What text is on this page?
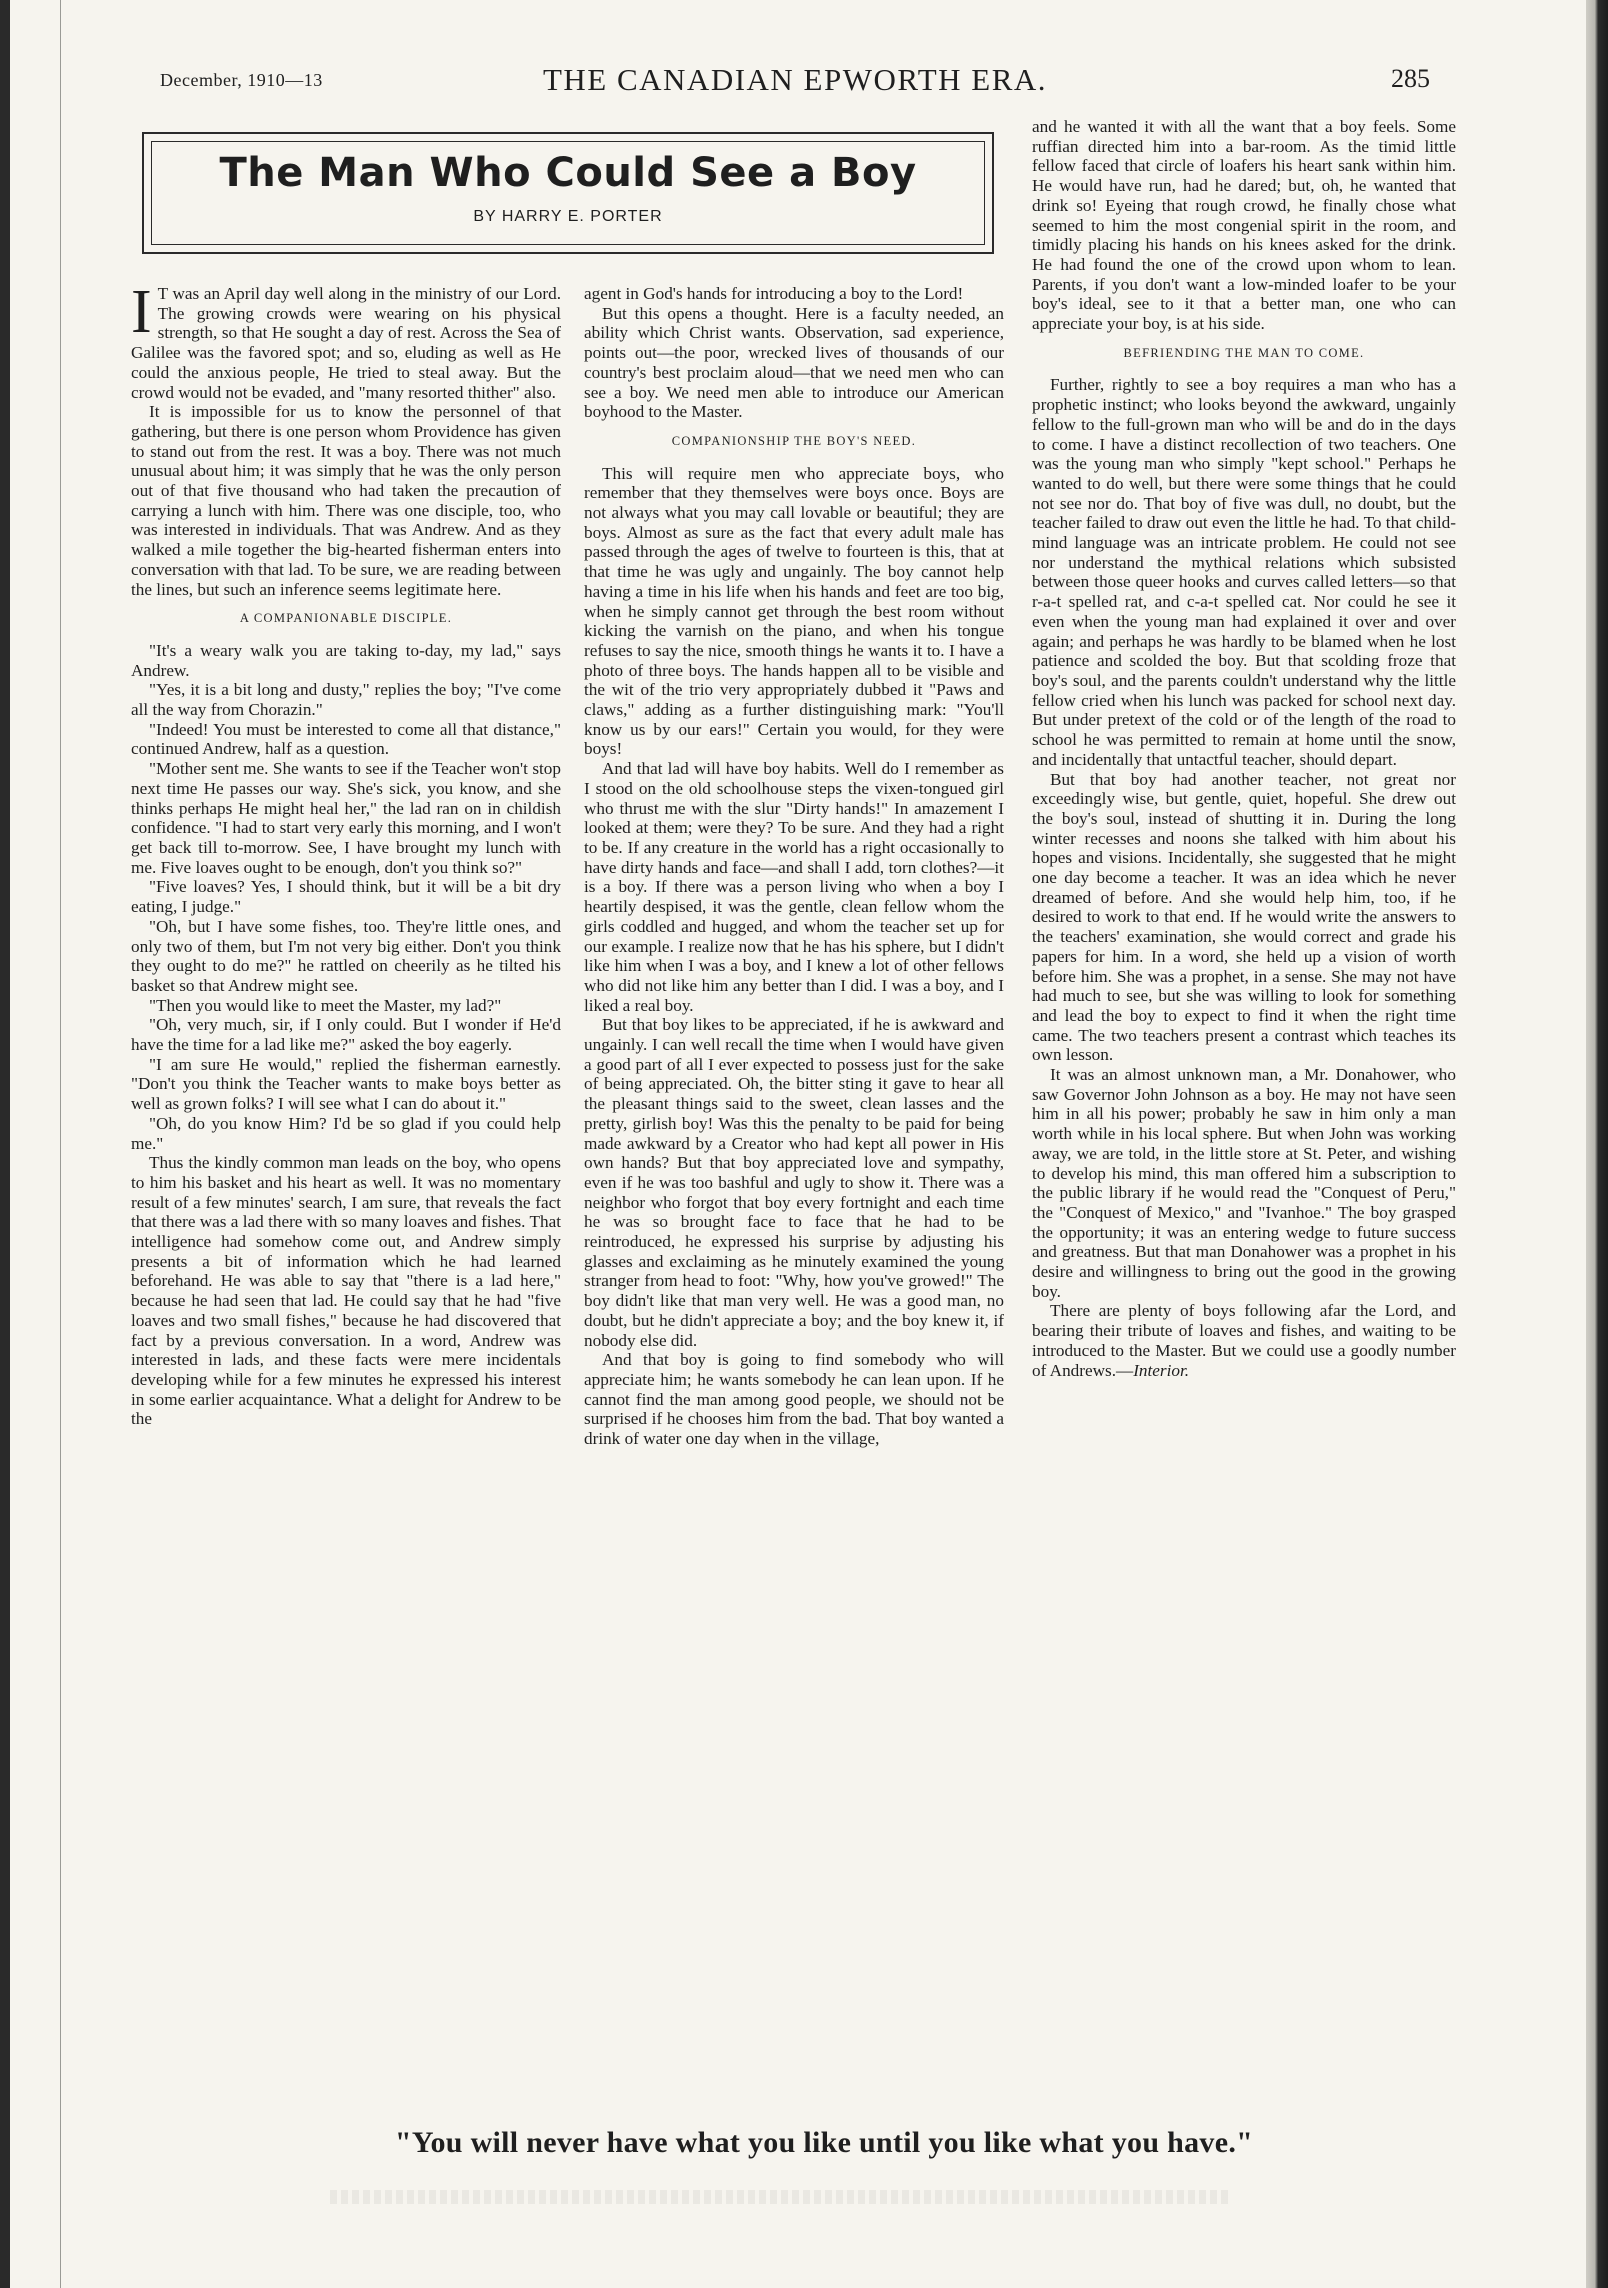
December, 1910—13	THE CANADIAN EPWORTH ERA.	285
The Man Who Could See a Boy
BY HARRY E. PORTER

I T was an April day well along in the ministry of our Lord. The growing crowds were wearing on his physical strength, so that He sought a day of rest. Across the Sea of Galilee was the favored spot; and so, eluding as well as He could the anxious people, He tried to steal away. But the crowd would not be evaded, and "many resorted thither" also.

It is impossible for us to know the personnel of that gathering, but there is one person whom Providence has given to stand out from the rest. It was a boy. There was not much unusual about him; it was simply that he was the only person out of that five thousand who had taken the precaution of carrying a lunch with him. There was one disciple, too, who was interested in individuals. That was Andrew. And as they walked a mile together the big-hearted fisherman enters into conversation with that lad. To be sure, we are reading between the lines, but such an inference seems legitimate here.

A COMPANIONABLE DISCIPLE.

"It's a weary walk you are taking to-day, my lad," says Andrew.

"Yes, it is a bit long and dusty," replies the boy; "I've come all the way from Chorazin."

"Indeed! You must be interested to come all that distance," continued Andrew, half as a question.

"Mother sent me. She wants to see if the Teacher won't stop next time He passes our way. She's sick, you know, and she thinks perhaps He might heal her," the lad ran on in childish confidence. "I had to start very early this morning, and I won't get back till to-morrow. See, I have brought my lunch with me. Five loaves ought to be enough, don't you think so?"

"Five loaves? Yes, I should think, but it will be a bit dry eating, I judge."

"Oh, but I have some fishes, too. They're little ones, and only two of them, but I'm not very big either. Don't you think they ought to do me?" he rattled on cheerily as he tilted his basket so that Andrew might see.

"Then you would like to meet the Master, my lad?"

"Oh, very much, sir, if I only could. But I wonder if He'd have the time for a lad like me?" asked the boy eagerly.

"I am sure He would," replied the fisherman earnestly. "Don't you think the Teacher wants to make boys better as well as grown folks? I will see what I can do about it."

"Oh, do you know Him? I'd be so glad if you could help me."

Thus the kindly common man leads on the boy, who opens to him his basket and his heart as well. It was no momentary result of a few minutes' search, I am sure, that reveals the fact that there was a lad there with so many loaves and fishes. That intelligence had somehow come out, and Andrew simply presents a bit of information which he had learned beforehand. He was able to say that "there is a lad here," because he had seen that lad. He could say that he had "five loaves and two small fishes," because he had discovered that fact by a previous conversation. In a word, Andrew was interested in lads, and these facts were mere incidentals developing while for a few minutes he expressed his interest in some earlier acquaintance. What a delight for Andrew to be the

agent in God's hands for introducing a boy to the Lord!

But this opens a thought. Here is a faculty needed, an ability which Christ wants. Observation, sad experience, points out—the poor, wrecked lives of thousands of our country's best proclaim aloud—that we need men who can see a boy. We need men able to introduce our American boyhood to the Master.

COMPANIONSHIP THE BOY'S NEED.

This will require men who appreciate boys, who remember that they themselves were boys once. Boys are not always what you may call lovable or beautiful; they are boys. Almost as sure as the fact that every adult male has passed through the ages of twelve to fourteen is this, that at that time he was ugly and ungainly. The boy cannot help having a time in his life when his hands and feet are too big, when he simply cannot get through the best room without kicking the varnish on the piano, and when his tongue refuses to say the nice, smooth things he wants it to. I have a photo of three boys. The hands happen all to be visible and the wit of the trio very appropriately dubbed it "Paws and claws," adding as a further distinguishing mark: "You'll know us by our ears!" Certain you would, for they were boys!

And that lad will have boy habits. Well do I remember as I stood on the old schoolhouse steps the vixen-tongued girl who thrust me with the slur "Dirty hands!" In amazement I looked at them; were they? To be sure. And they had a right to be. If any creature in the world has a right occasionally to have dirty hands and face—and shall I add, torn clothes?—it is a boy. If there was a person living who when a boy I heartily despised, it was the gentle, clean fellow whom the girls coddled and hugged, and whom the teacher set up for our example. I realize now that he has his sphere, but I didn't like him when I was a boy, and I knew a lot of other fellows who did not like him any better than I did. I was a boy, and I liked a real boy.

But that boy likes to be appreciated, if he is awkward and ungainly. I can well recall the time when I would have given a good part of all I ever expected to possess just for the sake of being appreciated. Oh, the bitter sting it gave to hear all the pleasant things said to the sweet, clean lasses and the pretty, girlish boy! Was this the penalty to be paid for being made awkward by a Creator who had kept all power in His own hands? But that boy appreciated love and sympathy, even if he was too bashful and ugly to show it. There was a neighbor who forgot that boy every fortnight and each time he was so brought face to face that he had to be reintroduced, he expressed his surprise by adjusting his glasses and exclaiming as he minutely examined the young stranger from head to foot: "Why, how you've growed!" The boy didn't like that man very well. He was a good man, no doubt, but he didn't appreciate a boy; and the boy knew it, if nobody else did.

And that boy is going to find somebody who will appreciate him; he wants somebody he can lean upon. If he cannot find the man among good people, we should not be surprised if he chooses him from the bad. That boy wanted a drink of water one day when in the village,

and he wanted it with all the want that a boy feels. Some ruffian directed him into a bar-room. As the timid little fellow faced that circle of loafers his heart sank within him. He would have run, had he dared; but, oh, he wanted that drink so! Eyeing that rough crowd, he finally chose what seemed to him the most congenial spirit in the room, and timidly placing his hands on his knees asked for the drink. He had found the one of the crowd upon whom to lean. Parents, if you don't want a low-minded loafer to be your boy's ideal, see to it that a better man, one who can appreciate your boy, is at his side.

BEFRIENDING THE MAN TO COME.

Further, rightly to see a boy requires a man who has a prophetic instinct; who looks beyond the awkward, ungainly fellow to the full-grown man who will be and do in the days to come. I have a distinct recollection of two teachers. One was the young man who simply "kept school." Perhaps he wanted to do well, but there were some things that he could not see nor do. That boy of five was dull, no doubt, but the teacher failed to draw out even the little he had. To that child-mind language was an intricate problem. He could not see nor understand the mythical relations which subsisted between those queer hooks and curves called letters—so that r-a-t spelled rat, and c-a-t spelled cat. Nor could he see it even when the young man had explained it over and over again; and perhaps he was hardly to be blamed when he lost patience and scolded the boy. But that scolding froze that boy's soul, and the parents couldn't understand why the little fellow cried when his lunch was packed for school next day. But under pretext of the cold or of the length of the road to school he was permitted to remain at home until the snow, and incidentally that untactful teacher, should depart.

But that boy had another teacher, not great nor exceedingly wise, but gentle, quiet, hopeful. She drew out the boy's soul, instead of shutting it in. During the long winter recesses and noons she talked with him about his hopes and visions. Incidentally, she suggested that he might one day become a teacher. It was an idea which he never dreamed of before. And she would help him, too, if he desired to work to that end. If he would write the answers to the teachers' examination, she would correct and grade his papers for him. In a word, she held up a vision of worth before him. She was a prophet, in a sense. She may not have had much to see, but she was willing to look for something and lead the boy to expect to find it when the right time came. The two teachers present a contrast which teaches its own lesson.

It was an almost unknown man, a Mr. Donahower, who saw Governor John Johnson as a boy. He may not have seen him in all his power; probably he saw in him only a man worth while in his local sphere. But when John was working away, we are told, in the little store at St. Peter, and wishing to develop his mind, this man offered him a subscription to the public library if he would read the "Conquest of Peru," the "Conquest of Mexico," and "Ivanhoe." The boy grasped the opportunity; it was an entering wedge to future success and greatness. But that man Donahower was a prophet in his desire and willingness to bring out the good in the growing boy.

There are plenty of boys following afar the Lord, and bearing their tribute of loaves and fishes, and waiting to be introduced to the Master. But we could use a goodly number of Andrews.—Interior.

"You will never have what you like until you like what you have."
